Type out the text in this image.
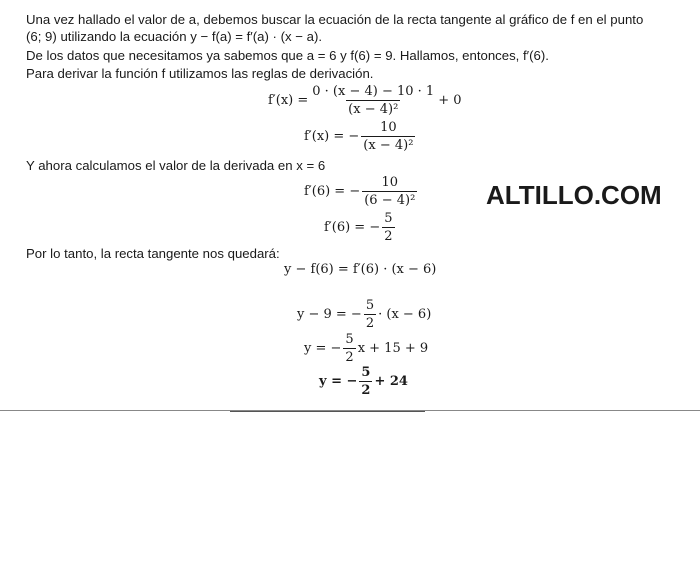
Una vez hallado el valor de a, debemos buscar la ecuación de la recta tangente al gráfico de f en el punto
(6; 9) utilizando la ecuación y − f(a) = f′(a) · (x − a).
De los datos que necesitamos ya sabemos que a = 6 y f(6) = 9. Hallamos, entonces, f′(6).
Para derivar la función f utilizamos las reglas de derivación.
$f'(x) = \frac{0 \cdot (x - 4) - 10 \cdot 1}{\text{(x − 4)²}} + 0$
f′(x) = − $\frac{10}{\text{(x − 4)²}}$
Y ahora calculamos el valor de la derivada en x = 6
f′(6) = − $\frac{10}{\text{(6 − 4)²}}$
f′(6) = − $\frac{5}{2}$
ALTILLO.COM
Por lo tanto, la recta tangente nos quedará:
y − f(6) = f′(6) · (x − 6)
y − 9 = − $\frac{5}{2} \cdot (x - 6)$
y = − $\frac{5}{2}$ x + 15 + 9
y = − $\frac{5}{2} + 24$
